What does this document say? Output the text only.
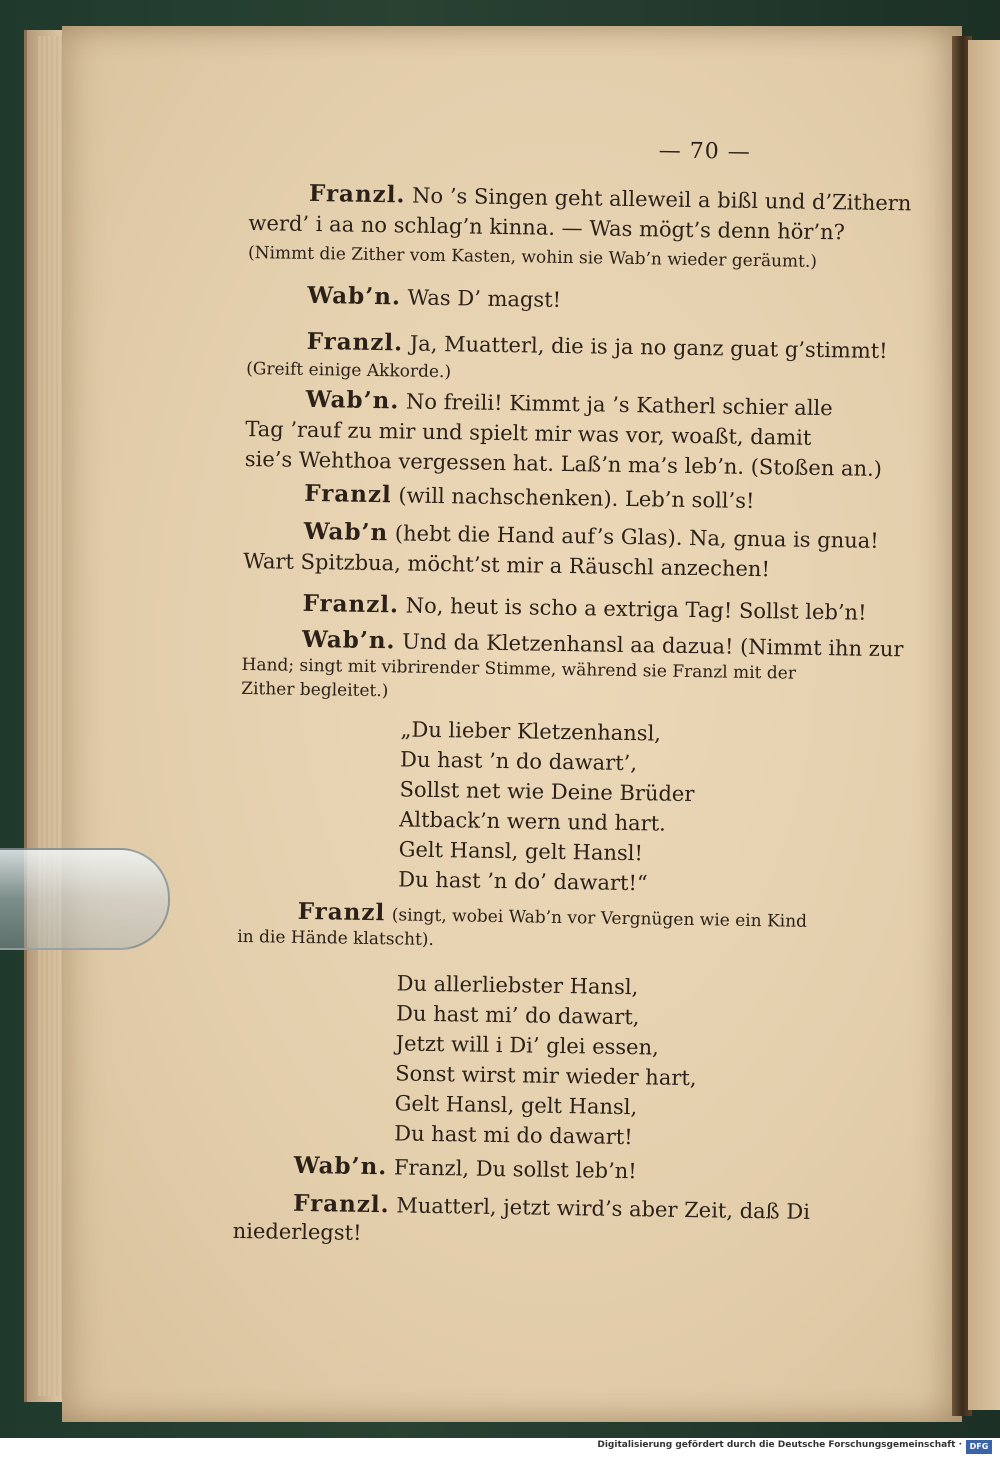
— 70 —
Franzl. No ’s Singen geht alleweil a bißl und d’Zithern
werd’ i aa no schlag’n kinna. — Was mögt’s denn hör’n?
(Nimmt die Zither vom Kasten, wohin sie Wab’n wieder geräumt.)
Wab’n. Was D’ magst!
Franzl. Ja, Muatterl, die is ja no ganz guat g’stimmt!
(Greift einige Akkorde.)
Wab’n. No freili! Kimmt ja ’s Katherl schier alle
Tag ’rauf zu mir und spielt mir was vor, woaßt, damit
sie’s Wehthoa vergessen hat. Laß’n ma’s leb’n. (Stoßen an.)
Franzl (will nachschenken). Leb’n soll’s!
Wab’n (hebt die Hand auf’s Glas). Na, gnua is gnua!
Wart Spitzbua, möcht’st mir a Räuschl anzechen!
Franzl. No, heut is scho a extriga Tag! Sollst leb’n!
Wab’n. Und da Kletzenhansl aa dazua! (Nimmt ihn zur
Hand; singt mit vibrirender Stimme, während sie Franzl mit der
Zither begleitet.)
„Du lieber Kletzenhansl,
Du hast ’n do dawart’,
Sollst net wie Deine Brüder
Altback’n wern und hart.
Gelt Hansl, gelt Hansl!
Du hast ’n do’ dawart!“
Franzl (singt, wobei Wab’n vor Vergnügen wie ein Kind
in die Hände klatscht).
Du allerliebster Hansl,
Du hast mi’ do dawart,
Jetzt will i Di’ glei essen,
Sonst wirst mir wieder hart,
Gelt Hansl, gelt Hansl,
Du hast mi do dawart!
Wab’n. Franzl, Du sollst leb’n!
Franzl. Muatterl, jetzt wird’s aber Zeit, daß Di
niederlegst!
Digitalisierung gefördert durch die Deutsche Forschungsgemeinschaft · DFG
